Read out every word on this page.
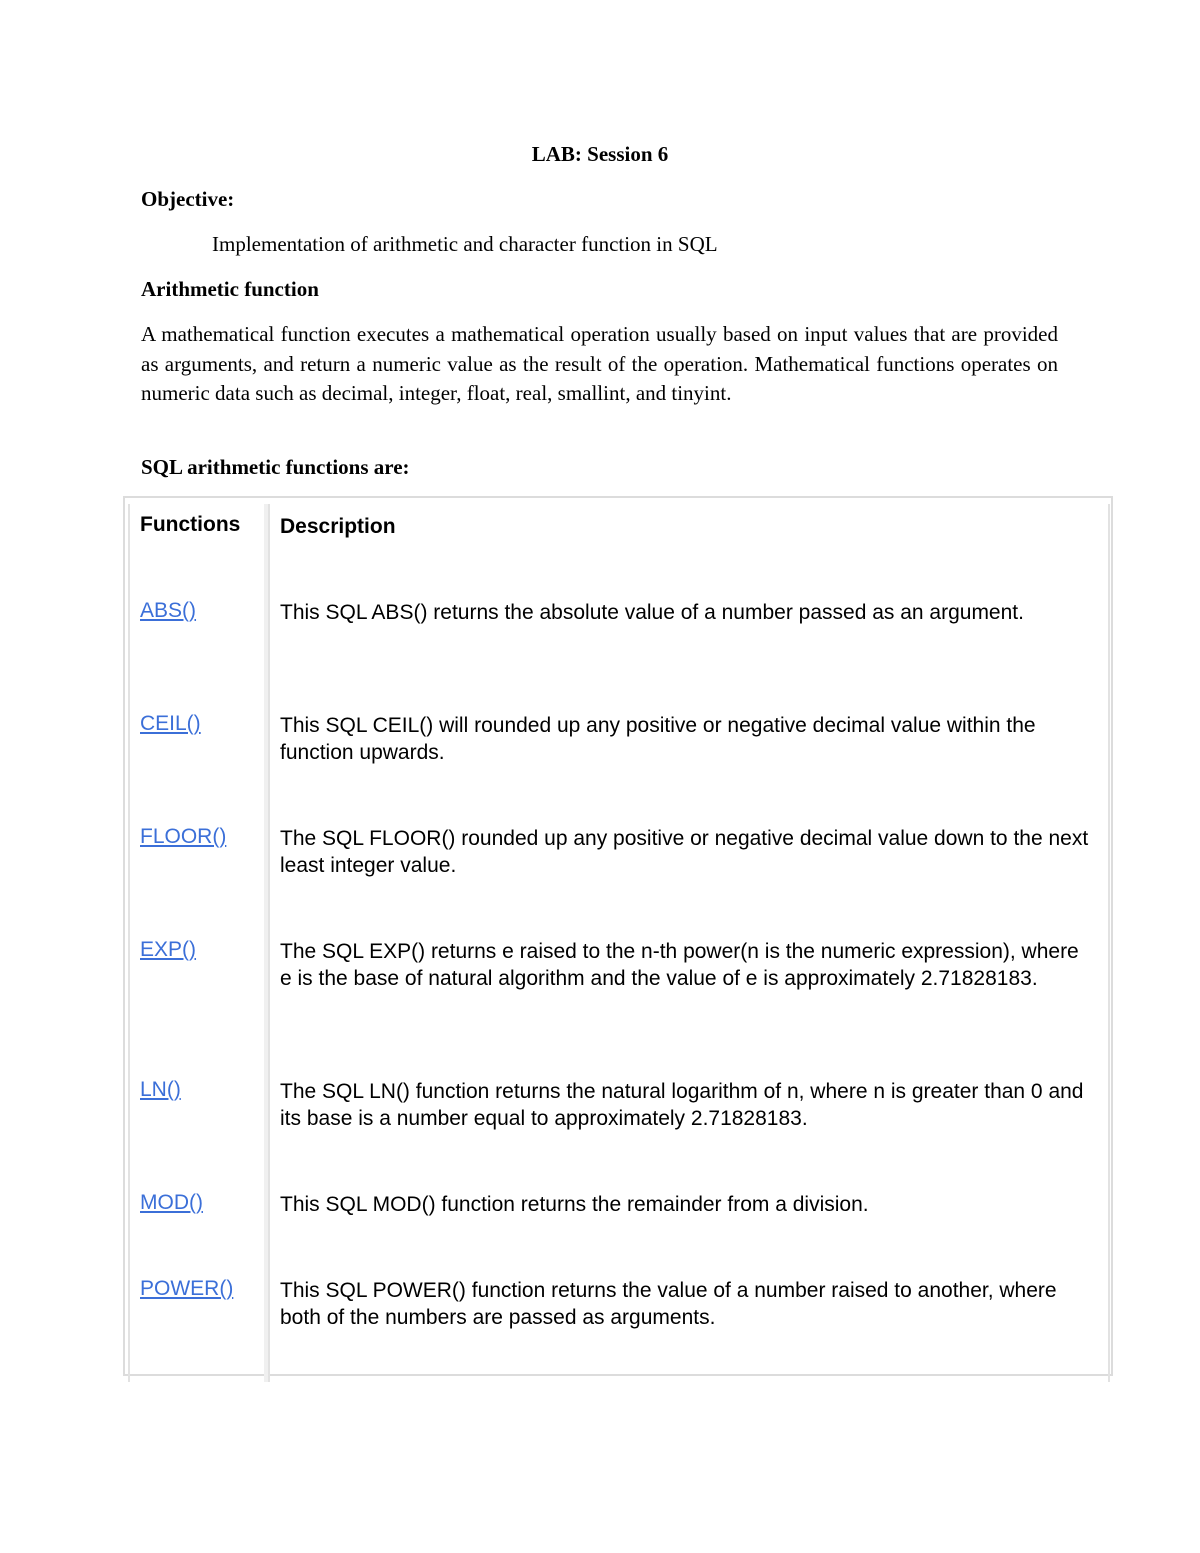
LAB: Session 6
Objective:
Implementation of arithmetic and character function in SQL
Arithmetic function

A mathematical function executes a mathematical operation usually based on input values that are provided as arguments, and return a numeric value as the result of the operation. Mathematical functions operates on numeric data such as decimal, integer, float, real, smallint, and tinyint.

SQL arithmetic functions are:
Functions	Description

ABS()	This SQL ABS() returns the absolute value of a number passed as an argument.

CEIL()	This SQL CEIL() will rounded up any positive or negative decimal value within the function upwards.

FLOOR()	The SQL FLOOR() rounded up any positive or negative decimal value down to the next least integer value.

EXP()	The SQL EXP() returns e raised to the n-th power(n is the numeric expression), where e is the base of natural algorithm and the value of e is approximately 2.71828183.

LN()	The SQL LN() function returns the natural logarithm of n, where n is greater than 0 and its base is a number equal to approximately 2.71828183.

MOD()	This SQL MOD() function returns the remainder from a division.

POWER()	This SQL POWER() function returns the value of a number raised to another, where both of the numbers are passed as arguments.
